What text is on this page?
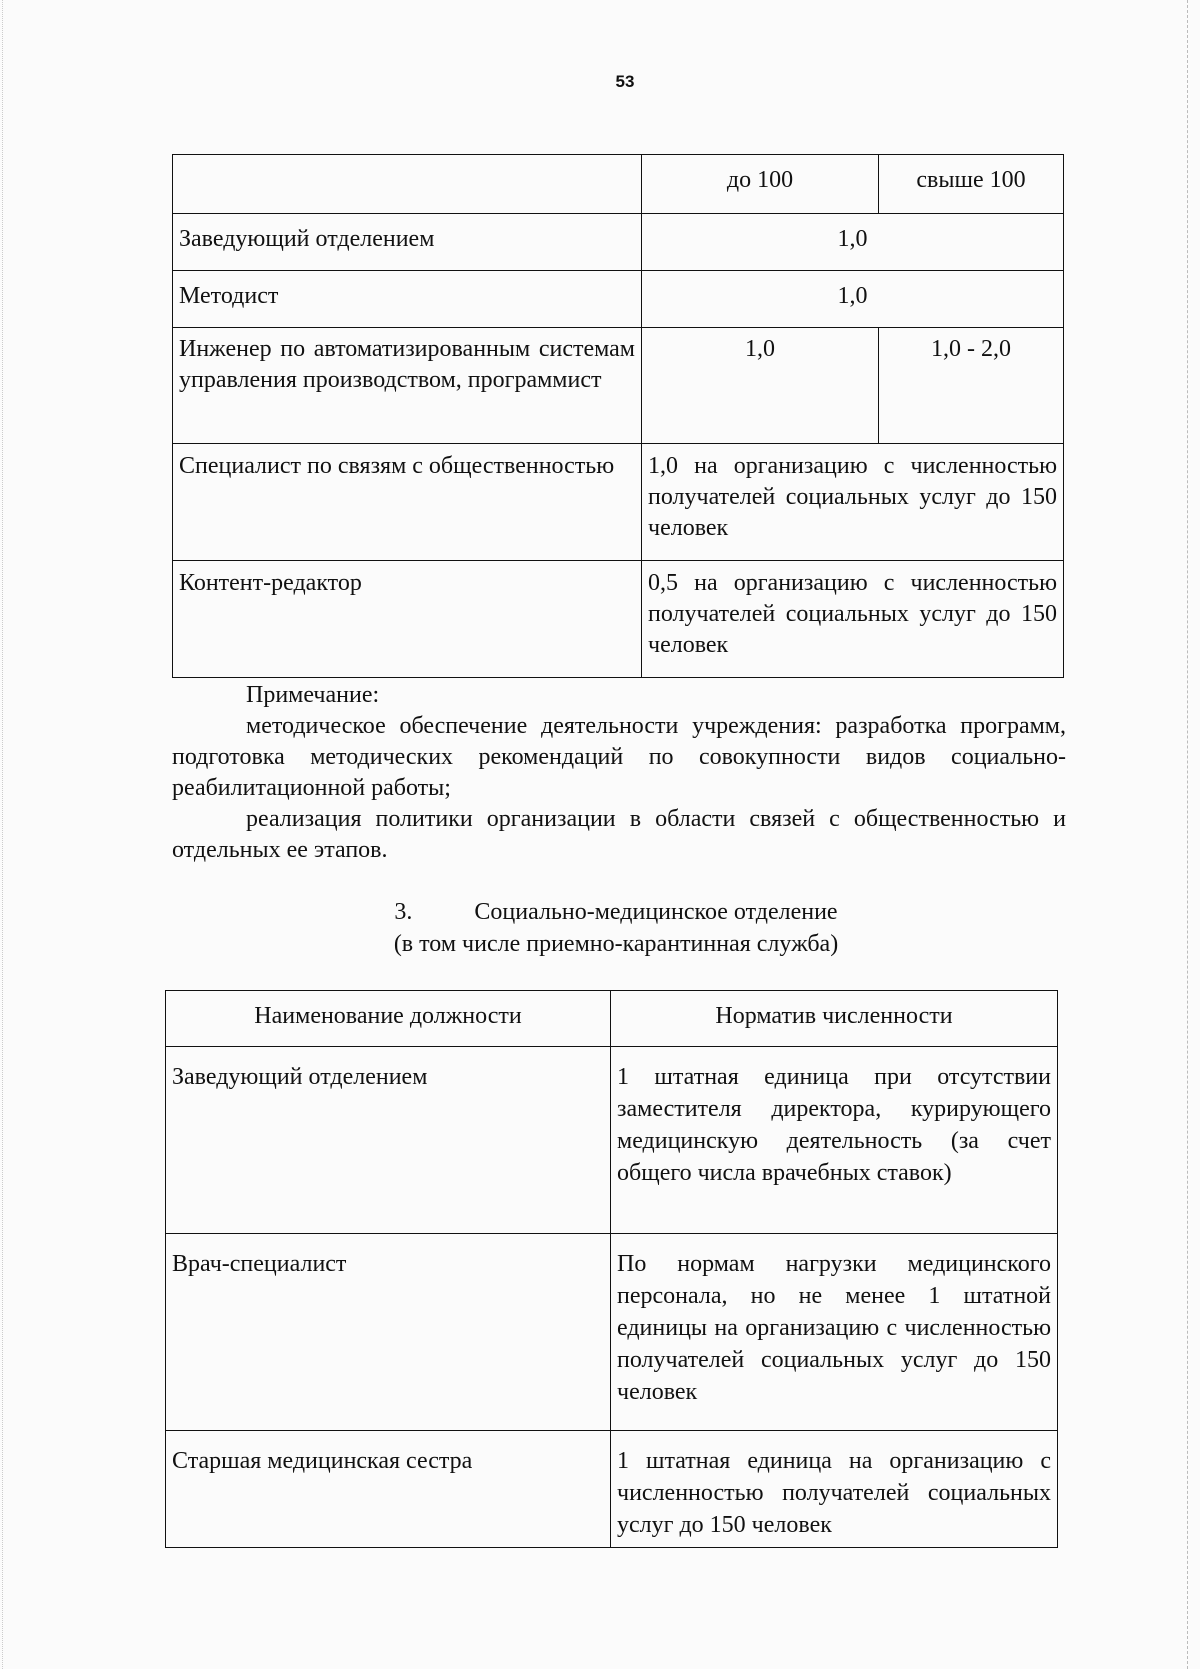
53
	до 100	свыше 100
Заведующий отделением	1,0	
Методист	1,0	
Инженер по автоматизированным системам управления производством, программист	1,0	1,0 - 2,0
Специалист по связям с общественностью	1,0 на организацию с численностью получателей социальных услуг до 150 человек	
Контент-редактор	0,5 на организацию с численностью получателей социальных услуг до 150 человек	

Примечание:

методическое обеспечение деятельности учреждения: разработка программ, подготовка методических рекомендаций по совокупности видов социально-реабилитационной работы;

реализация политики организации в области связей с общественностью и отдельных ее этапов.

3.	Социально-медицинское отделение
(в том числе приемно-карантинная служба)
Наименование должности	Норматив численности
Заведующий отделением	1 штатная единица при отсутствии заместителя директора, курирующего медицинскую деятельность (за счет общего числа врачебных ставок)
Врач-специалист	По нормам нагрузки медицинского персонала, но не менее 1 штатной единицы на организацию с численностью получателей социальных услуг до 150 человек
Старшая медицинская сестра	1 штатная единица на организацию с численностью получателей социальных услуг до 150 человек
